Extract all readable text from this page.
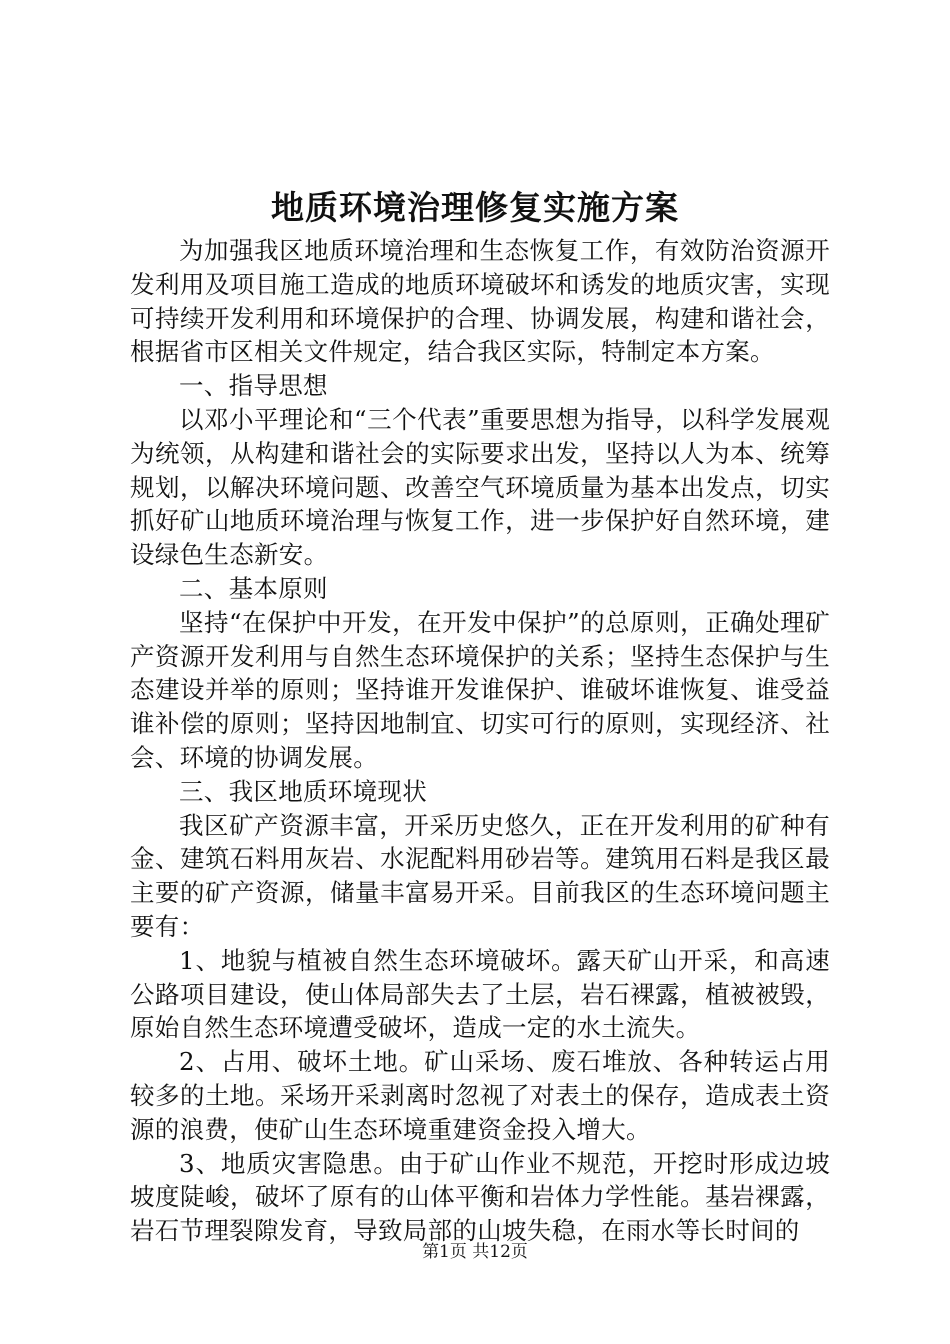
地质环境治理修复实施方案

为加强我区地质环境治理和生态恢复工作，有效防治资源开发利用及项目施工造成的地质环境破坏和诱发的地质灾害，实现可持续开发利用和环境保护的合理、协调发展，构建和谐社会，根据省市区相关文件规定，结合我区实际，特制定本方案。

一、指导思想

以邓小平理论和“三个代表”重要思想为指导，以科学发展观为统领，从构建和谐社会的实际要求出发，坚持以人为本、统筹规划，以解决环境问题、改善空气环境质量为基本出发点，切实抓好矿山地质环境治理与恢复工作，进一步保护好自然环境，建设绿色生态新安。

二、基本原则

坚持“在保护中开发，在开发中保护”的总原则，正确处理矿产资源开发利用与自然生态环境保护的关系；坚持生态保护与生态建设并举的原则；坚持谁开发谁保护、谁破坏谁恢复、谁受益谁补偿的原则；坚持因地制宜、切实可行的原则，实现经济、社会、环境的协调发展。

三、我区地质环境现状

我区矿产资源丰富，开采历史悠久，正在开发利用的矿种有金、建筑石料用灰岩、水泥配料用砂岩等。建筑用石料是我区最主要的矿产资源，储量丰富易开采。目前我区的生态环境问题主要有：

1、地貌与植被自然生态环境破坏。露天矿山开采，和高速公路项目建设，使山体局部失去了土层，岩石裸露，植被被毁，原始自然生态环境遭受破坏，造成一定的水土流失。

2、占用、破坏土地。矿山采场、废石堆放、各种转运占用较多的土地。采场开采剥离时忽视了对表土的保存，造成表土资源的浪费，使矿山生态环境重建资金投入增大。

3、地质灾害隐患。由于矿山作业不规范，开挖时形成边坡坡度陡峻，破坏了原有的山体平衡和岩体力学性能。基岩裸露，岩石节理裂隙发育，导致局部的山坡失稳，在雨水等长时间的

第1页 共12页
